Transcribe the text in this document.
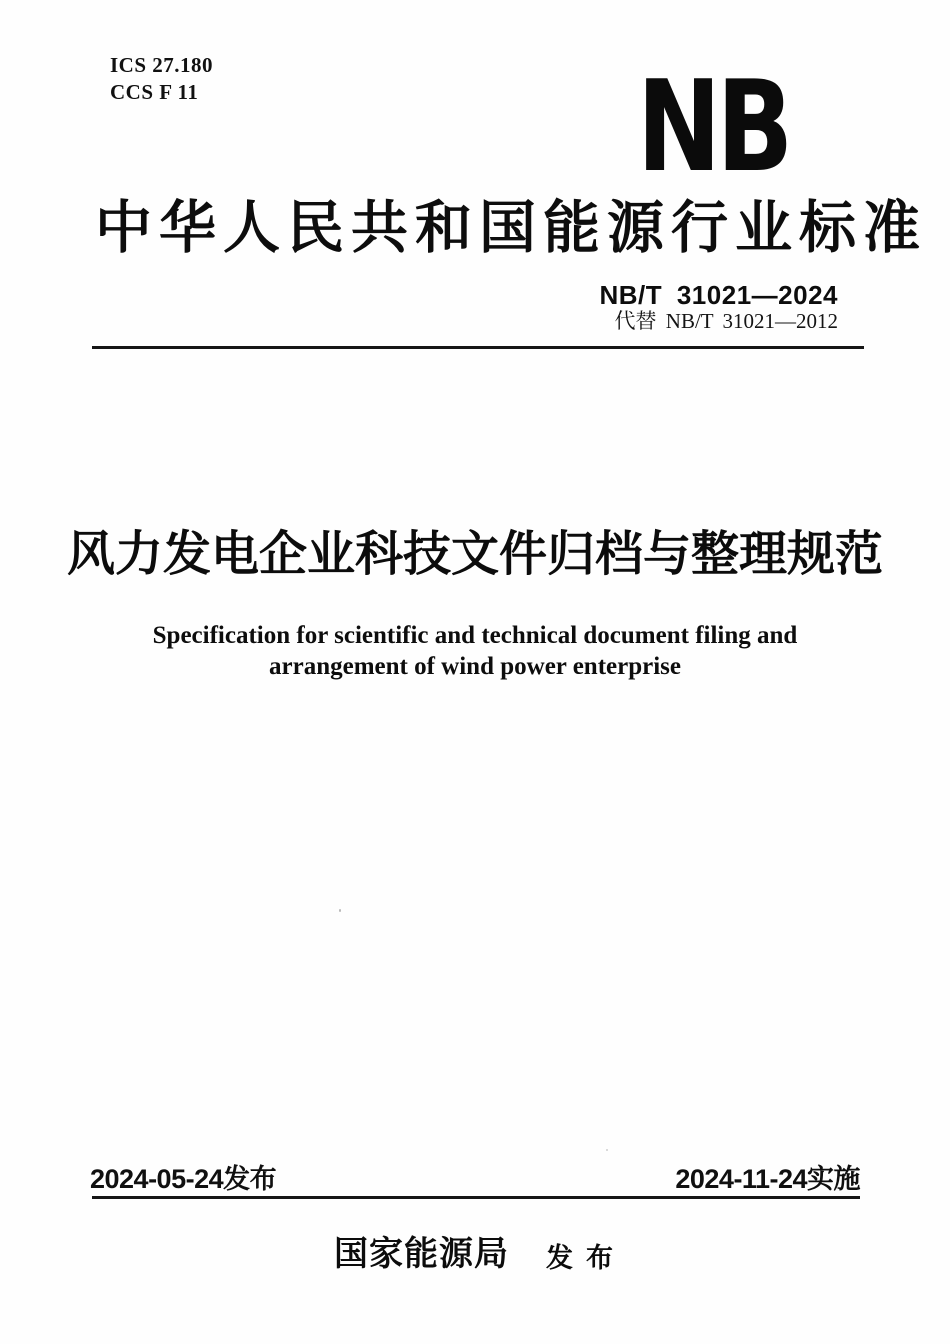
ICS 27.180
CCS F 11	NB
中华人民共和国能源行业标准
NB/T 31021—2024
代替 NB/T 31021—2012
风力发电企业科技文件归档与整理规范
Specification for scientific and technical document filing and
arrangement of wind power enterprise
2024-05-24发布	2024-11-24实施
国家能源局 发布
